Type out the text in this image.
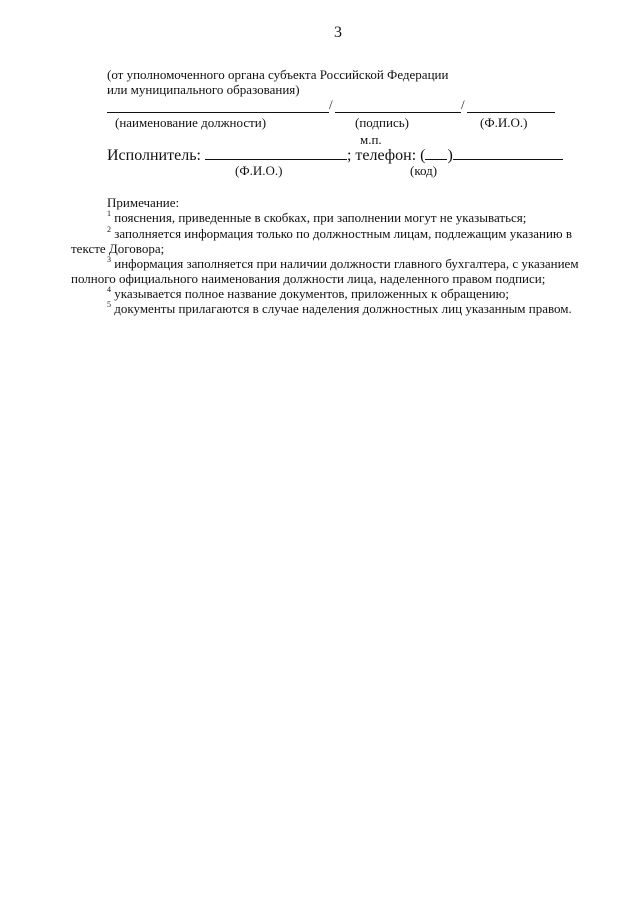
3
(от уполномоченного органа субъекта Российской Федерации
или муниципального образования)
/	/
(наименование должности)	(подпись)	(Ф.И.О.)
м.п.
Исполнитель:	; телефон: ( )
(Ф.И.О.)	(код)
Примечание:
$^1$ пояснения, приведенные в скобках, при заполнении могут не указываться;
$^2$ заполняется информация только по должностным лицам, подлежащим указанию в
тексте Договора;
$^3$ информация заполняется при наличии должности главного бухгалтера, с указанием
полного официального наименования должности лица, наделенного правом подписи;
$^4$ указывается полное название документов, приложенных к обращению;
$^5$ документы прилагаются в случае наделения должностных лиц указанным правом.
